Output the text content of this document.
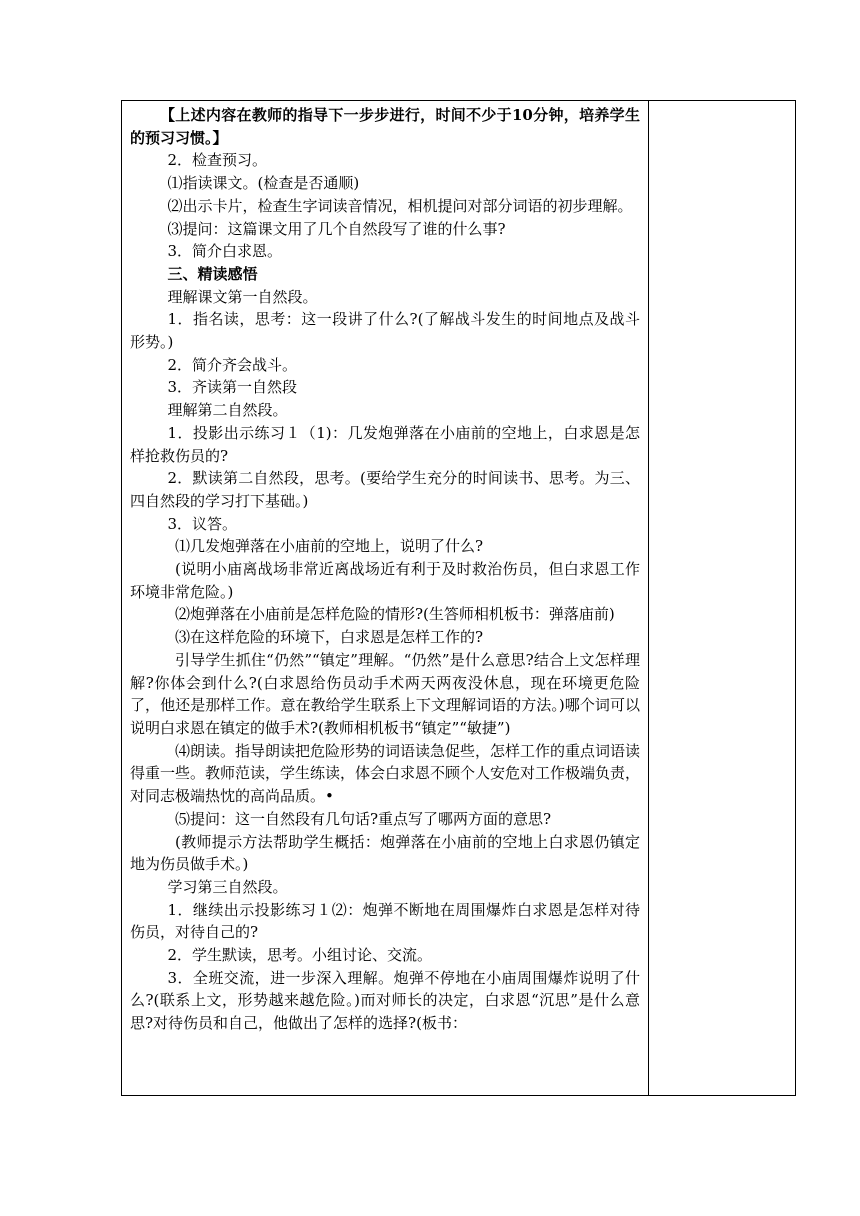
【上述内容在教师的指导下一步步进行，时间不少于10分钟，培养学生的预习习惯。】

2．检查预习。

⑴指读课文。(检查是否通顺)

⑵出示卡片，检查生字词读音情况，相机提问对部分词语的初步理解。

⑶提问：这篇课文用了几个自然段写了谁的什么事?

3．简介白求恩。

三、精读感悟

理解课文第一自然段。

1．指名读，思考：这一段讲了什么?(了解战斗发生的时间地点及战斗形势。)

2．简介齐会战斗。

3．齐读第一自然段

理解第二自然段。

1．投影出示练习１（1)：几发炮弹落在小庙前的空地上，白求恩是怎样抢救伤员的?

2．默读第二自然段，思考。(要给学生充分的时间读书、思考。为三、四自然段的学习打下基础。)

3．议答。

⑴几发炮弹落在小庙前的空地上，说明了什么?

(说明小庙离战场非常近离战场近有利于及时救治伤员，但白求恩工作环境非常危险。)

⑵炮弹落在小庙前是怎样危险的情形?(生答师相机板书：弹落庙前)

⑶在这样危险的环境下，白求恩是怎样工作的?

引导学生抓住“仍然”“镇定”理解。“仍然”是什么意思?结合上文怎样理解?你体会到什么?(白求恩给伤员动手术两天两夜没休息，现在环境更危险了，他还是那样工作。意在教给学生联系上下文理解词语的方法。)哪个词可以说明白求恩在镇定的做手术?(教师相机板书“镇定”“敏捷”)

⑷朗读。指导朗读把危险形势的词语读急促些，怎样工作的重点词语读得重一些。教师范读，学生练读，体会白求恩不顾个人安危对工作极端负责，对同志极端热忱的高尚品质。•

⑸提问：这一自然段有几句话?重点写了哪两方面的意思?

(教师提示方法帮助学生概括：炮弹落在小庙前的空地上白求恩仍镇定地为伤员做手术。)

学习第三自然段。

1．继续出示投影练习１⑵：炮弹不断地在周围爆炸白求恩是怎样对待伤员，对待自己的?

2．学生默读，思考。小组讨论、交流。

3．全班交流，进一步深入理解。炮弹不停地在小庙周围爆炸说明了什么?(联系上文，形势越来越危险。)而对师长的决定，白求恩“沉思”是什么意思?对待伤员和自己，他做出了怎样的选择?(板书：
